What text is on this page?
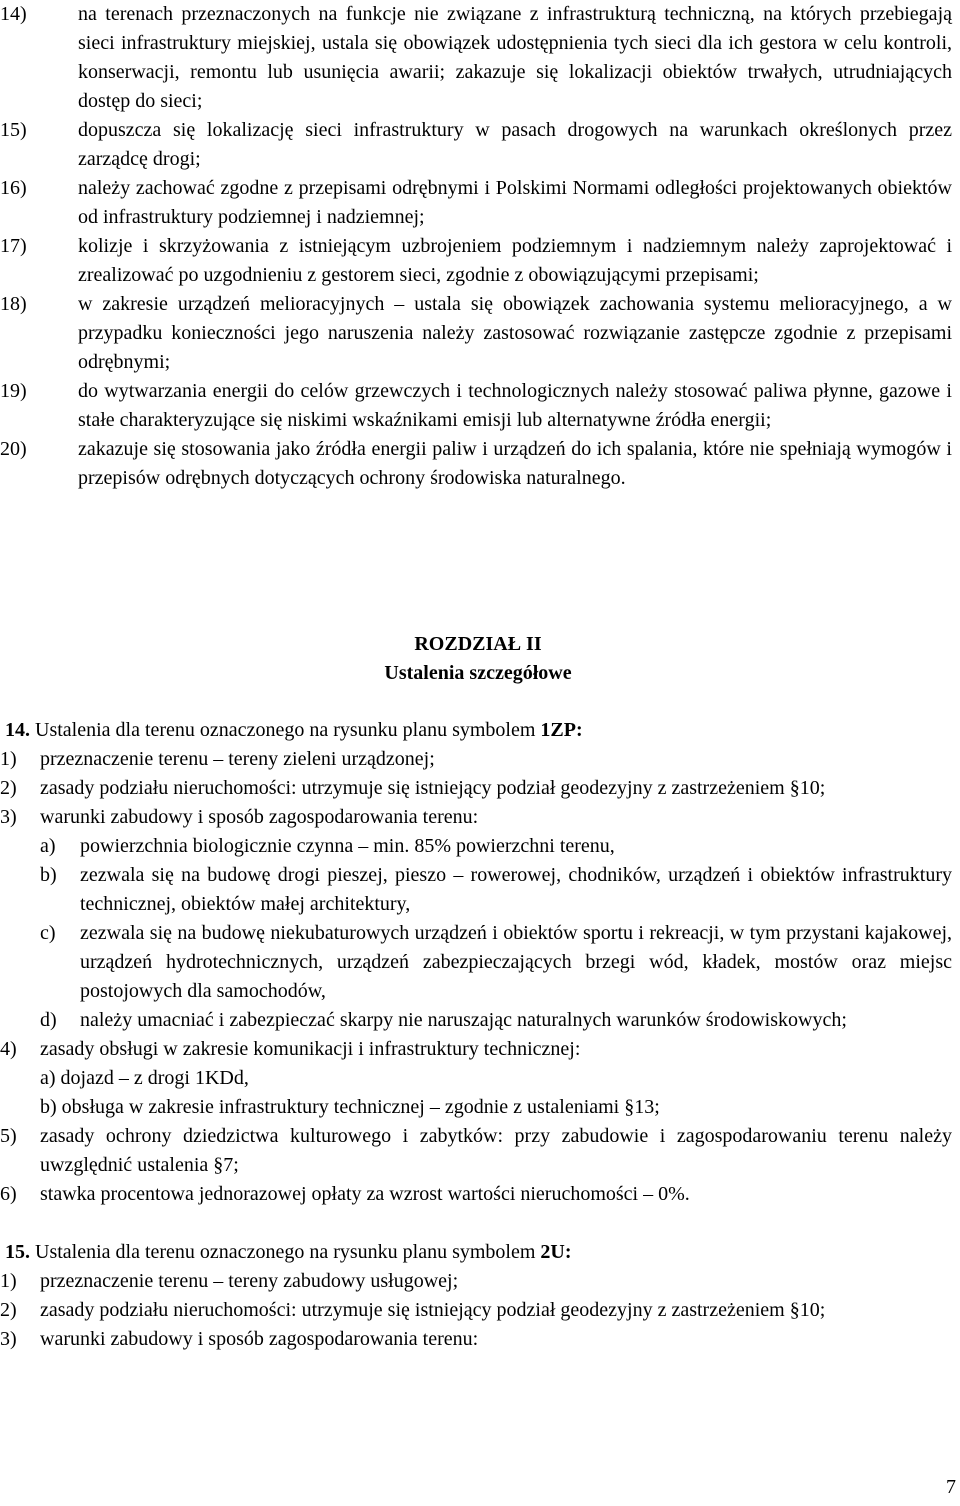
14)	na terenach przeznaczonych na funkcje nie związane z infrastrukturą techniczną, na których przebiegają sieci infrastruktury miejskiej, ustala się obowiązek udostępnienia tych sieci dla ich gestora w celu kontroli, konserwacji, remontu lub usunięcia awarii; zakazuje się lokalizacji obiektów trwałych, utrudniających dostęp do sieci;
15)	dopuszcza się lokalizację sieci infrastruktury w pasach drogowych na warunkach określonych przez zarządcę drogi;
16)	należy zachować zgodne z przepisami odrębnymi i Polskimi Normami odległości projektowanych obiektów od infrastruktury podziemnej i nadziemnej;
17)	kolizje i skrzyżowania z istniejącym uzbrojeniem podziemnym i nadziemnym należy zaprojektować i zrealizować po uzgodnieniu z gestorem sieci, zgodnie z obowiązującymi przepisami;
18)	w zakresie urządzeń melioracyjnych – ustala się obowiązek zachowania systemu melioracyjnego, a w przypadku konieczności jego naruszenia należy zastosować rozwiązanie zastępcze zgodnie z przepisami odrębnymi;
19)	do wytwarzania energii do celów grzewczych i technologicznych należy stosować paliwa płynne, gazowe i stałe charakteryzujące się niskimi wskaźnikami emisji lub alternatywne źródła energii;
20)	zakazuje się stosowania jako źródła energii paliw i urządzeń do ich spalania, które nie spełniają wymogów i przepisów odrębnych dotyczących ochrony środowiska naturalnego.
ROZDZIAŁ II
Ustalenia szczegółowe
14. Ustalenia dla terenu oznaczonego na rysunku planu symbolem 1ZP:
1)	przeznaczenie terenu – tereny zieleni urządzonej;
2)	zasady podziału nieruchomości: utrzymuje się istniejący podział geodezyjny z zastrzeżeniem §10;
3)	warunki zabudowy i sposób zagospodarowania terenu:
a)	powierzchnia biologicznie czynna – min. 85% powierzchni terenu,
b)	zezwala się na budowę drogi pieszej, pieszo – rowerowej, chodników, urządzeń i obiektów infrastruktury technicznej, obiektów małej architektury,
c)	zezwala się na budowę niekubaturowych urządzeń i obiektów sportu i rekreacji, w tym przystani kajakowej, urządzeń hydrotechnicznych, urządzeń zabezpieczających brzegi wód, kładek, mostów oraz miejsc postojowych dla samochodów,
d)	należy umacniać i zabezpieczać skarpy nie naruszając naturalnych warunków środowiskowych;
4)	zasady obsługi w zakresie komunikacji i infrastruktury technicznej:
a) dojazd – z drogi 1KDd,
b) obsługa w zakresie infrastruktury technicznej – zgodnie z ustaleniami §13;
5)	zasady ochrony dziedzictwa kulturowego i zabytków: przy zabudowie i zagospodarowaniu terenu należy uwzględnić ustalenia §7;
6)	stawka procentowa jednorazowej opłaty za wzrost wartości nieruchomości – 0%.
15. Ustalenia dla terenu oznaczonego na rysunku planu symbolem 2U:
1)	przeznaczenie terenu – tereny zabudowy usługowej;
2)	zasady podziału nieruchomości: utrzymuje się istniejący podział geodezyjny z zastrzeżeniem §10;
3)	warunki zabudowy i sposób zagospodarowania terenu:
7
